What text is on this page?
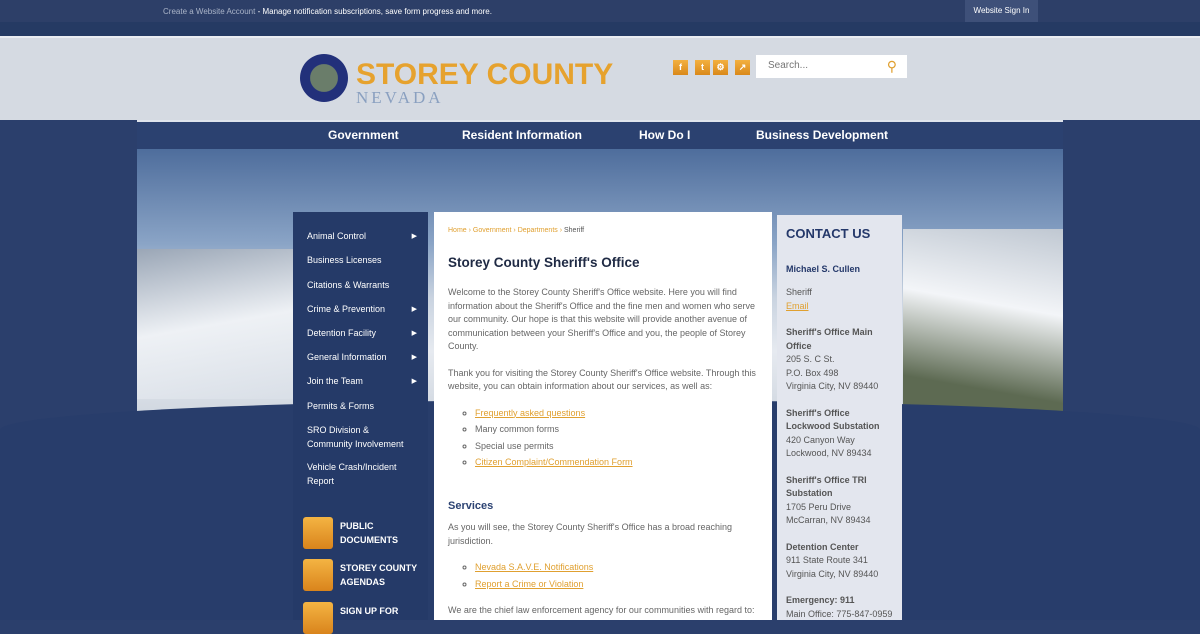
Create a Website Account - Manage notification subscriptions, save form progress and more.	Website Sign In
STOREY COUNTY
NEVADA
f	t	⚙	↗
Search...	⚲
Government	Resident Information	How Do I	Business Development
Animal Control	▶
Business Licenses
Citations & Warrants
Crime & Prevention	▶
Detention Facility	▶
General Information	▶
Join the Team	▶
Permits & Forms
SRO Division & Community Involvement
Vehicle Crash/Incident Report
PUBLIC DOCUMENTS
STOREY COUNTY AGENDAS
SIGN UP FOR
Home › Government › Departments › Sheriff
Storey County Sheriff's Office

Welcome to the Storey County Sheriff's Office website. Here you will find information about the Sheriff's Office and the fine men and women who serve our community. Our hope is that this website will provide another avenue of communication between your Sheriff's Office and you, the people of Storey County.

Thank you for visiting the Storey County Sheriff's Office website. Through this website, you can obtain information about our services, as well as:

◦ Frequently asked questions
◦ Many common forms
◦ Special use permits
◦ Citizen Complaint/Commendation Form
Services

As you will see, the Storey County Sheriff's Office has a broad reaching jurisdiction.

◦ Nevada S.A.V.E. Notifications
◦ Report a Crime or Violation

We are the chief law enforcement agency for our communities with regard to:

CONTACT US
Michael S. Cullen
Sheriff
Email
Sheriff's Office Main Office
205 S. C St.
P.O. Box 498
Virginia City, NV 89440
Sheriff's Office Lockwood Substation
420 Canyon Way
Lockwood, NV 89434
Sheriff's Office TRI Substation
1705 Peru Drive
McCarran, NV 89434
Detention Center
911 State Route 341
Virginia City, NV 89440
Emergency: 911
Main Office: 775-847-0959
